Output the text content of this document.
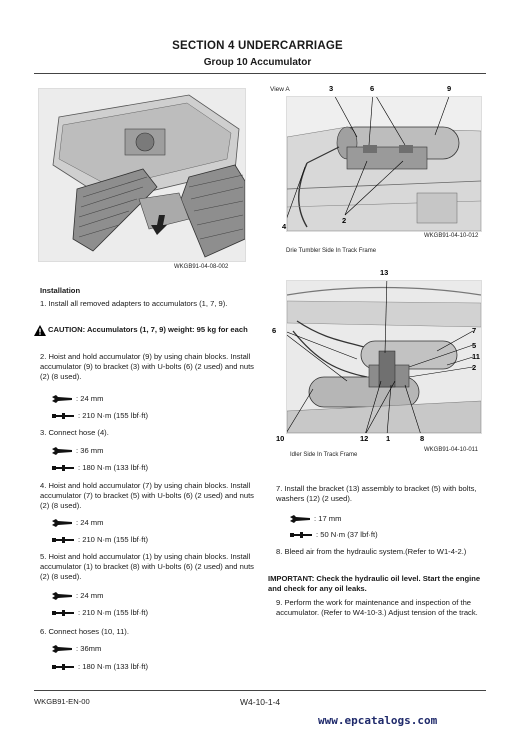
SECTION 4 UNDERCARRIAGE
Group 10 Accumulator
WKGB91-04-08-002
View A	3	6	9
4
2
Drie Tumbler Side In Track Frame
WKGB91-04-10-012
13
6	7
5
11
2
10	12 1	8
Idler Side In Track Frame
WKGB91-04-10-011
Installation
1. Install all removed adapters to accumulators (1, 7, 9).
CAUTION: Accumulators (1, 7, 9) weight: 95 kg for each
2. Hoist and hold accumulator (9) by using chain blocks. Install accumulator (9) to bracket (3) with U-bolts (6) (2 used) and nuts (2) (8 used).
: 24 mm
: 210 N·m (155 lbf·ft)
3. Connect hose (4).
: 36 mm
: 180 N·m (133 lbf·ft)
4. Hoist and hold accumulator (7) by using chain blocks. Install accumulator (7) to bracket (5) with U-bolts (6) (2 used) and nuts (2) (8 used).
: 24 mm
: 210 N·m (155 lbf·ft)
5. Hoist and hold accumulator (1) by using chain blocks. Install accumulator (1) to bracket (8) with U-bolts (6) (2 used) and nuts (2) (8 used).
: 24 mm
: 210 N·m (155 lbf·ft)
6. Connect hoses (10, 11).
: 36mm
: 180 N·m (133 lbf·ft)
7. Install the bracket (13) assembly to bracket (5) with bolts, washers (12) (2 used).
: 17 mm
: 50 N·m (37 lbf·ft)
8. Bleed air from the hydraulic system.(Refer to W1-4-2.)
IMPORTANT: Check the hydraulic oil level. Start the engine and check for any oil leaks.
9. Perform the work for maintenance and inspection of the accumulator. (Refer to W4-10-3.) Adjust tension of the track.
WKGB91-EN-00	W4-10-1-4
www.epcatalogs.com
